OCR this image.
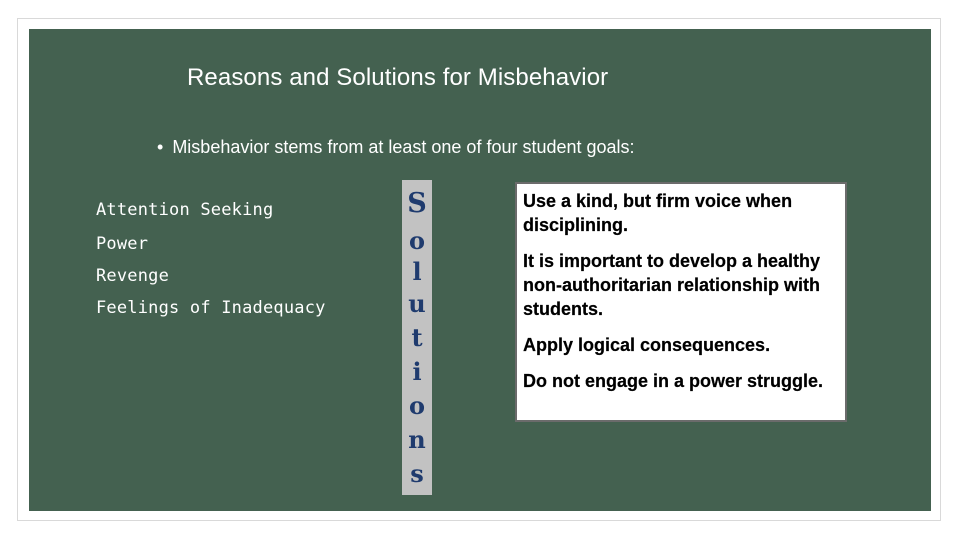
Reasons and Solutions for Misbehavior
• Misbehavior stems from at least one of four student goals:
Attention Seeking
Power
Revenge
Feelings of Inadequacy
S
o
l
u
t
i
o
n
s
Use a kind, but firm voice when disciplining.
It is important to develop a healthy non-authoritarian relationship with students.
Apply logical consequences.
Do not engage in a power struggle.
